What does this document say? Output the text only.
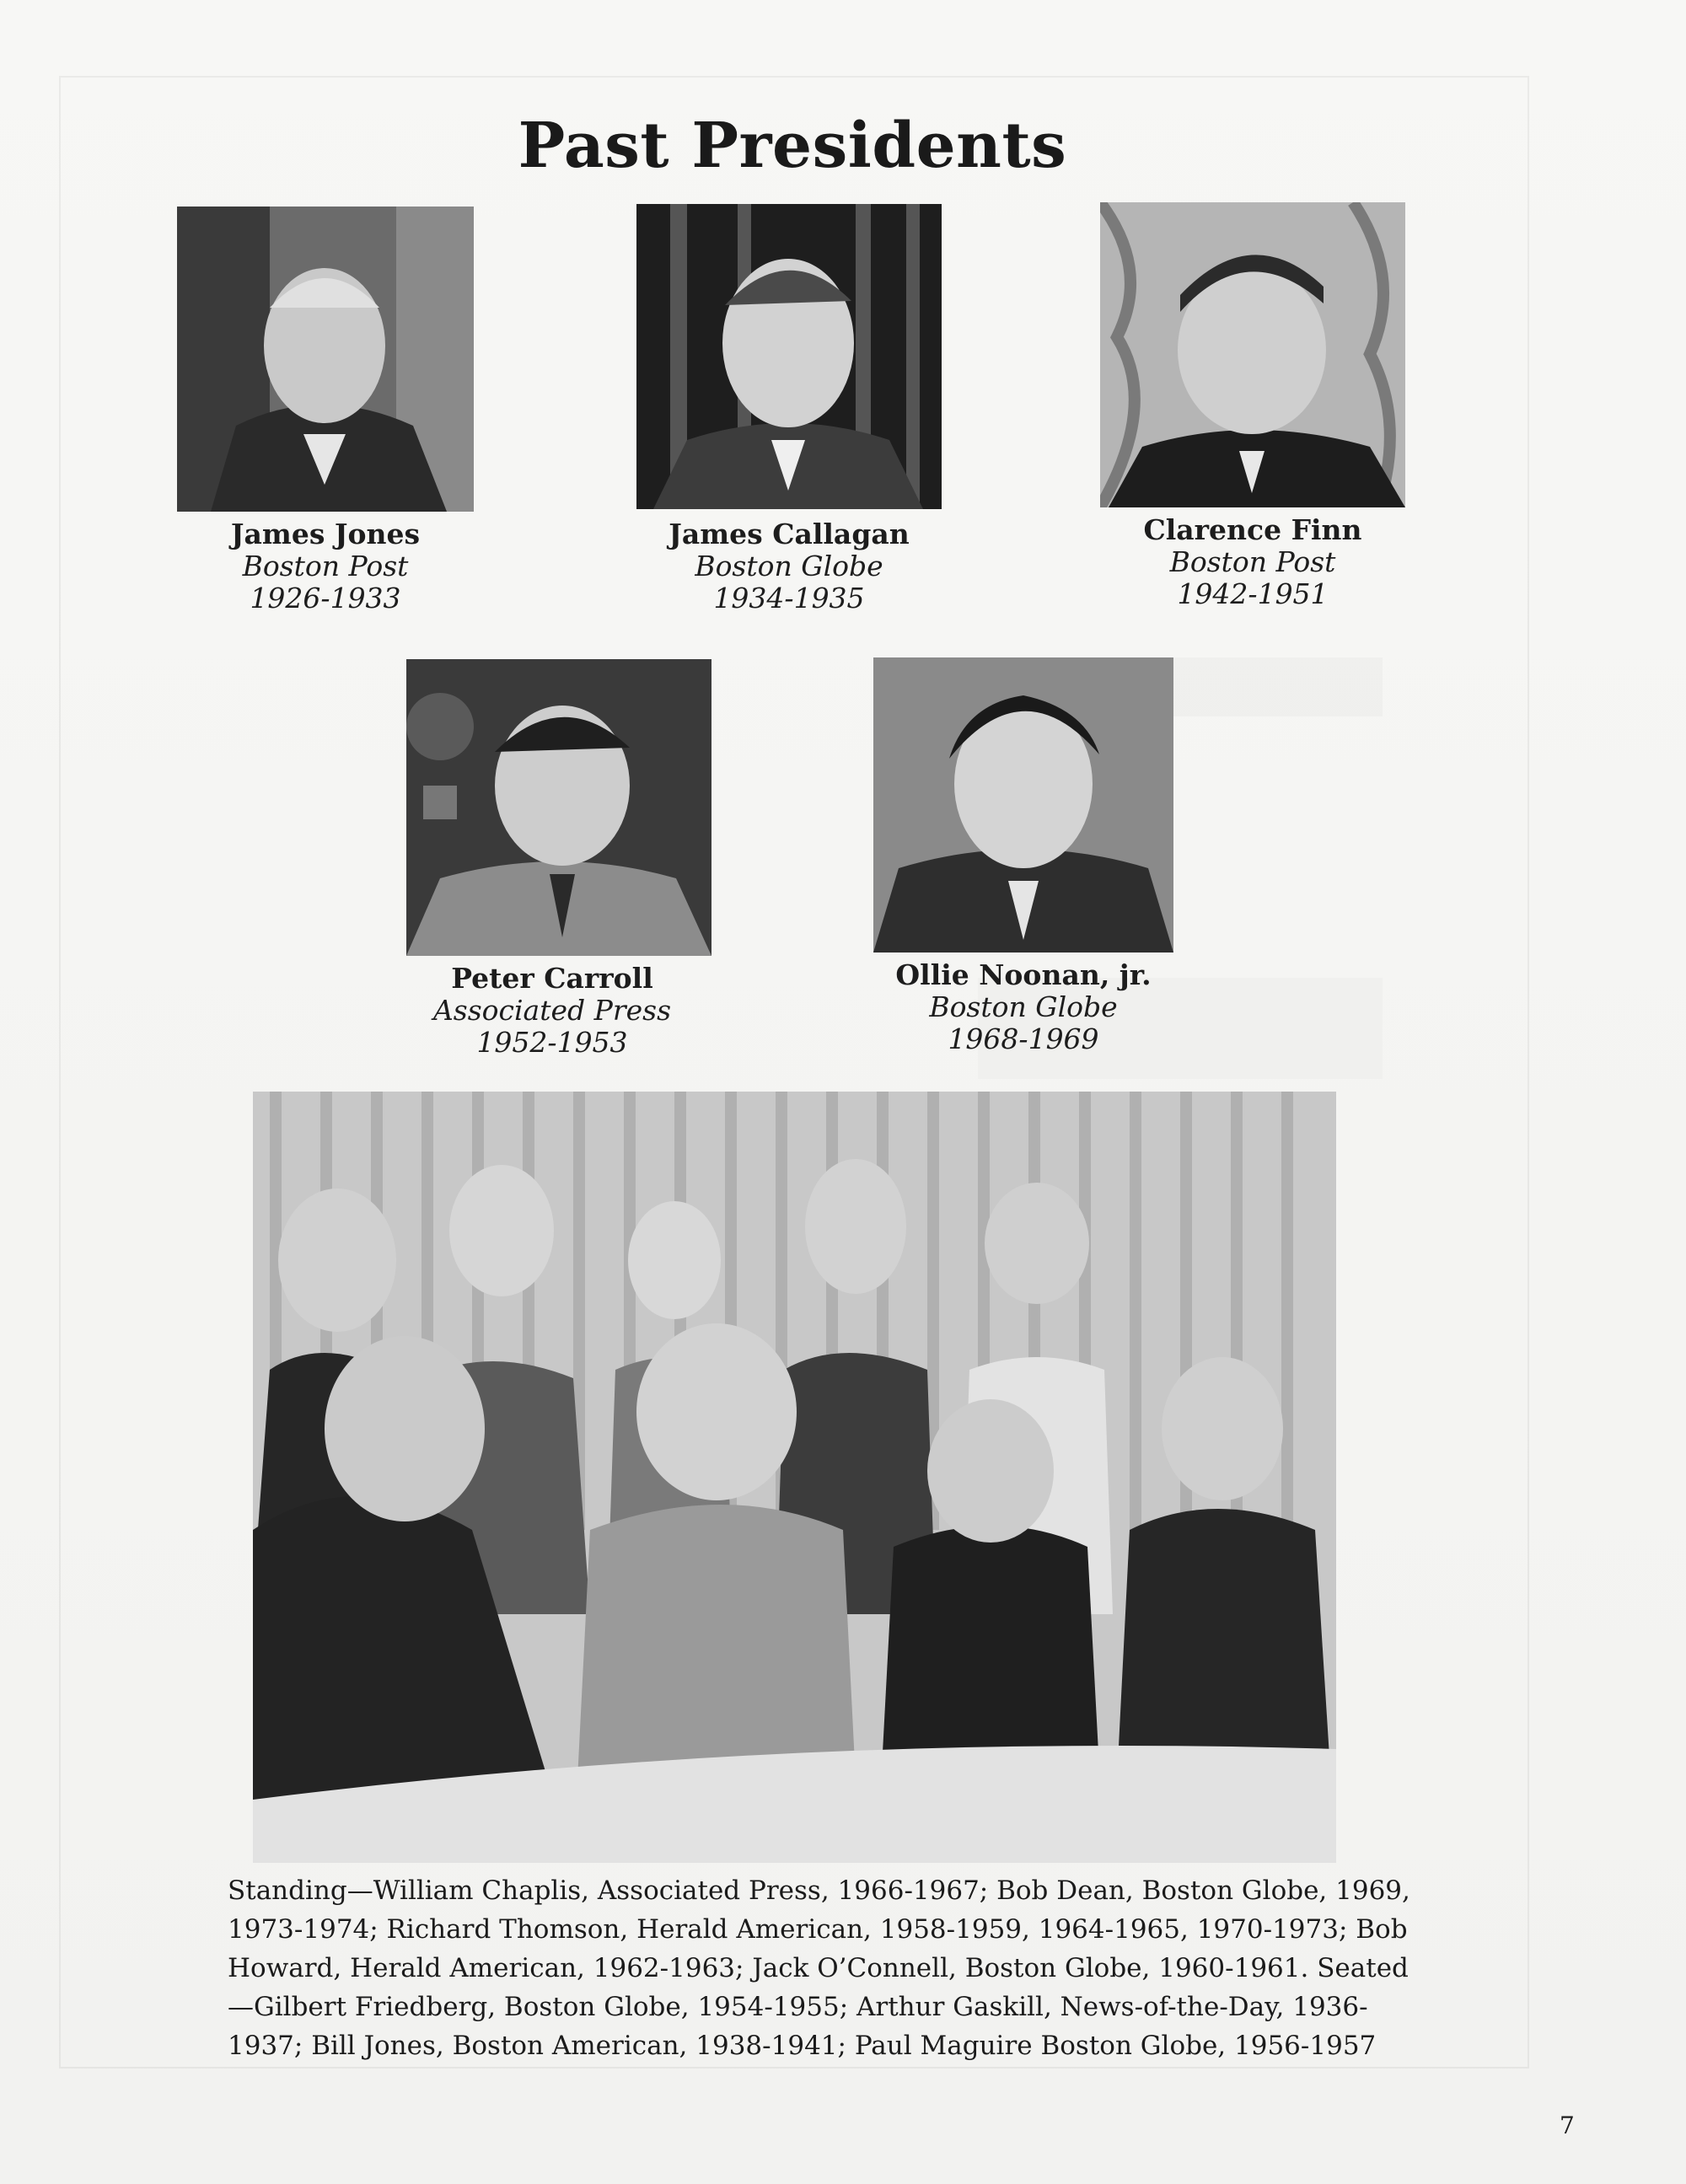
Past Presidents
James Jones
Boston Post
1926-1933
James Callagan
Boston Globe
1934-1935
Clarence Finn
Boston Post
1942-1951
Peter Carroll
Associated Press
1952-1953
Ollie Noonan, jr.
Boston Globe
1968-1969

Standing—William Chaplis, Associated Press, 1966-1967; Bob Dean, Boston Globe, 1969, 1973-1974; Richard Thomson, Herald American, 1958-1959, 1964-1965, 1970-1973; Bob Howard, Herald American, 1962-1963; Jack O’Connell, Boston Globe, 1960-1961. Seated—Gilbert Friedberg, Boston Globe, 1954-1955; Arthur Gaskill, News-of-the-Day, 1936-1937; Bill Jones, Boston American, 1938-1941; Paul Maguire Boston Globe, 1956-1957

7
